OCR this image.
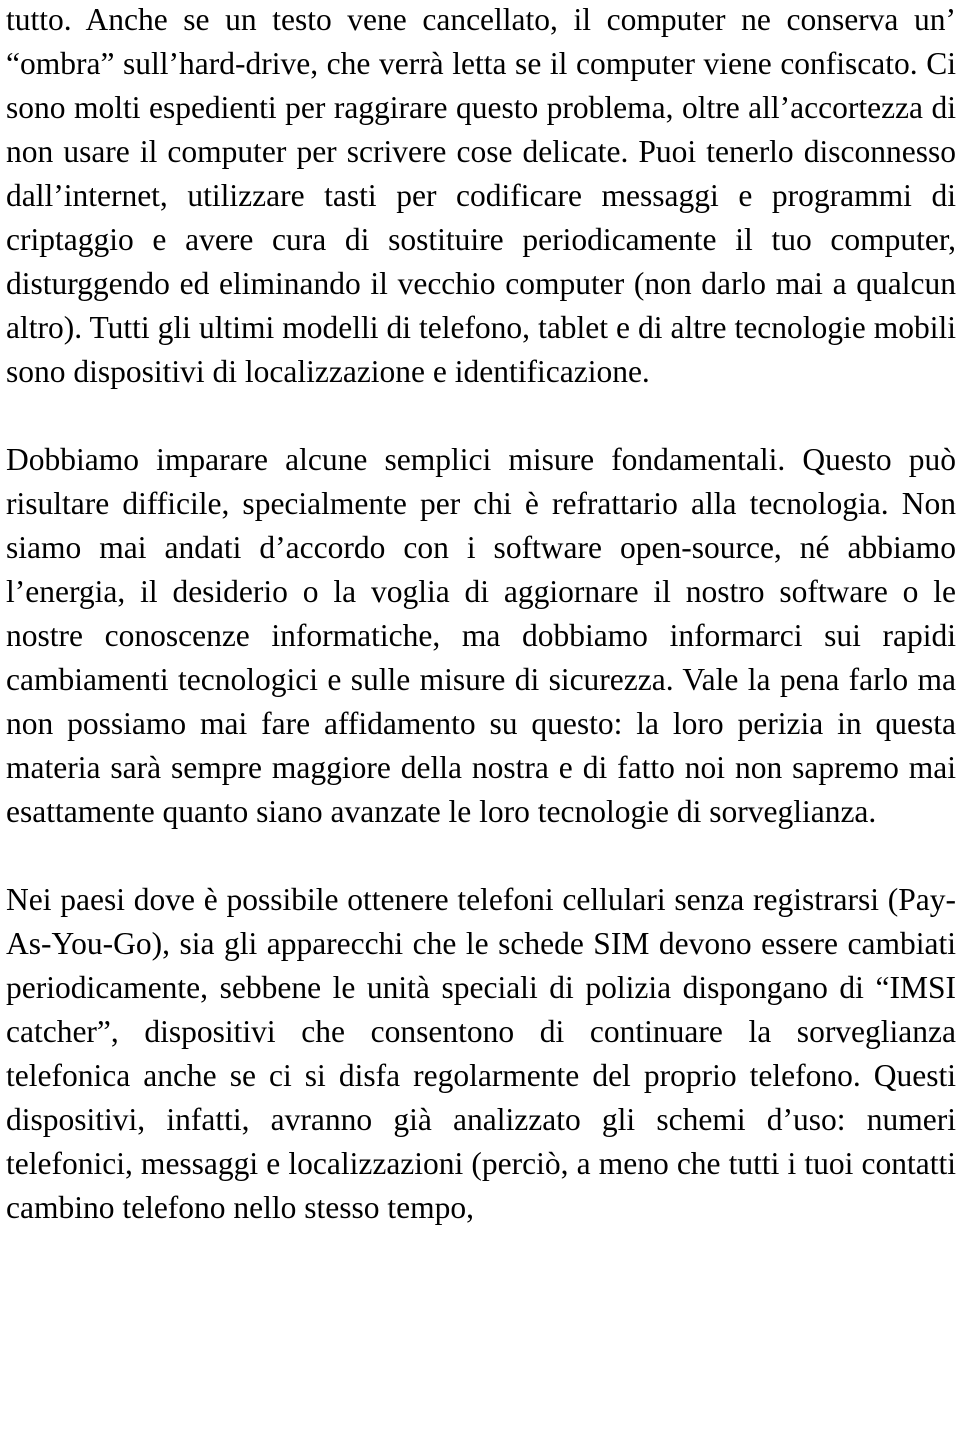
tutto. Anche se un testo vene cancellato, il computer ne conserva un’ “ombra” sull’hard-drive, che verrà letta se il computer viene confiscato. Ci sono molti espedienti per raggirare questo problema, oltre all’accortezza di non usare il computer per scrivere cose delicate. Puoi tenerlo disconnesso dall’internet, utilizzare tasti per codificare messaggi e programmi di criptaggio e avere cura di sostituire periodicamente il tuo computer, disturggendo ed eliminando il vecchio computer (non darlo mai a qualcun altro). Tutti gli ultimi modelli di telefono, tablet e di altre tecnologie mobili sono dispositivi di localizzazione e identificazione.

Dobbiamo imparare alcune semplici misure fondamentali. Questo può risultare difficile, specialmente per chi è refrattario alla tecnologia. Non siamo mai andati d’accordo con i software open-source, né abbiamo l’energia, il desiderio o la voglia di aggiornare il nostro software o le nostre conoscenze informatiche, ma dobbiamo informarci sui rapidi cambiamenti tecnologici e sulle misure di sicurezza. Vale la pena farlo ma non possiamo mai fare affidamento su questo: la loro perizia in questa materia sarà sempre maggiore della nostra e di fatto noi non sapremo mai esattamente quanto siano avanzate le loro tecnologie di sorveglianza.

Nei paesi dove è possibile ottenere telefoni cellulari senza registrarsi (Pay-As-You-Go), sia gli apparecchi che le schede SIM devono essere cambiati periodicamente, sebbene le unità speciali di polizia dispongano di “IMSI catcher”, dispositivi che consentono di continuare la sorveglianza telefonica anche se ci si disfa regolarmente del proprio telefono. Questi dispositivi, infatti, avranno già analizzato gli schemi d’uso: numeri telefonici, messaggi e localizzazioni (perciò, a meno che tutti i tuoi contatti cambino telefono nello stesso tempo,
